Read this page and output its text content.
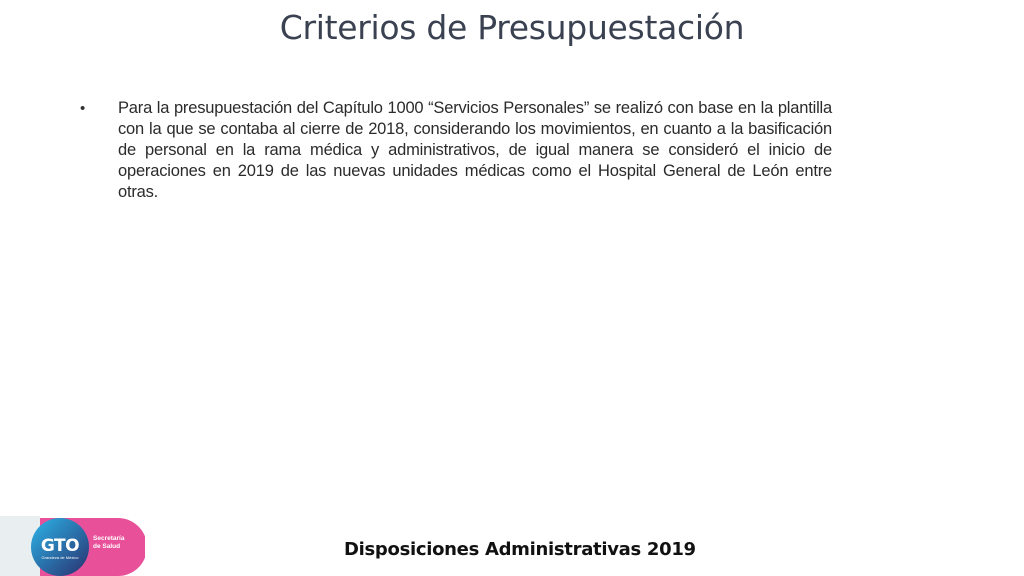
Criterios de Presupuestación
•	Para la presupuestación del Capítulo 1000 “Servicios Personales” se realizó con base en la plantilla con la que se contaba al cierre de 2018, considerando los movimientos, en cuanto a la basificación de personal en la rama médica y administrativos, de igual manera se consideró el inicio de operaciones en 2019 de las nuevas unidades médicas como el Hospital General de León entre otras.
GTO
Grandeza de México
Secretaría
de Salud	Disposiciones Administrativas 2019
